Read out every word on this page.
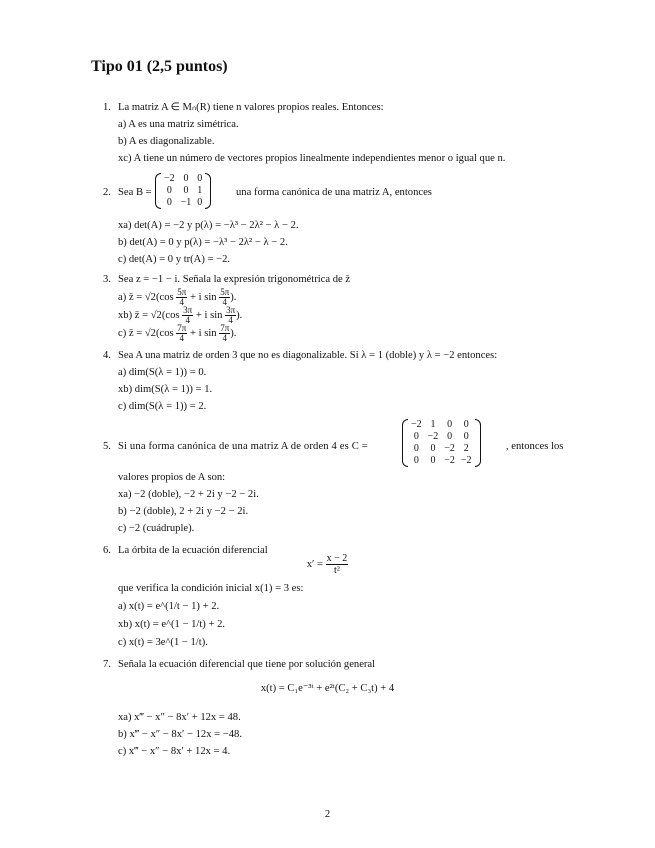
Tipo 01 (2,5 puntos)
1. La matriz A ∈ Mₙ(R) tiene n valores propios reales. Entonces:
a) A es una matriz simétrica.
b) A es diagonalizable.
xc) A tiene un número de vectores propios linealmente independientes menor o igual que n.
2. Sea B =
−2	0	0
0	0	1
0	−1	0
una forma canónica de una matriz A, entonces
xa) det(A) = −2 y p(λ) = −λ³ − 2λ² − λ − 2.
b) det(A) = 0 y p(λ) = −λ³ − 2λ² − λ − 2.
c) det(A) = 0 y tr(A) = −2.
3. Sea z = −1 − i. Señala la expresión trigonométrica de z̄
a) z̄ = $√2(\cos \frac{5\pi}{4} + i$ $\sin \frac{5\pi}{4}$ ).
xb) z̄ = $√2(\cos \frac{3\pi}{4} + i$ $\sin \frac{3\pi}{4}$ ).
c) z̄ = $√2(\cos \frac{7\pi}{4} + i$ $\sin \frac{7\pi}{4}$ ).
4. Sea A una matriz de orden 3 que no es diagonalizable. Si λ = 1 (doble) y λ = −2 entonces:
a) dim(S(λ = 1)) = 0.
xb) dim(S(λ = 1)) = 1.
c) dim(S(λ = 1)) = 2.
5. Si una forma canónica de una matriz A de orden 4 es C =
−2	1	0	0
0	−2	0	0
0	0	−2	2
0	0	−2	−2
, entonces los
valores propios de A son:
xa) −2 (doble), −2 + 2i y −2 − 2i.
b) −2 (doble), 2 + 2i y −2 − 2i.
c) −2 (cuádruple).
6. La órbita de la ecuación diferencial
$x' = \frac{x - 2}{\text{t²}}$
que verifica la condición inicial x(1) = 3 es:
a) x(t) = e^(1/t − 1) + 2.
xb) x(t) = e^(1 − 1/t) + 2.
c) x(t) = 3e^(1 − 1/t).
7. Señala la ecuación diferencial que tiene por solución general
x(t) = C₁e⁻³ᵗ + e²ᵗ(C₂ + C₃t) + 4
xa) x‴ − x″ − 8x′ + 12x = 48.
b) x‴ − x″ − 8x′ − 12x = −48.
c) x‴ − x″ − 8x′ + 12x = 4.
2
